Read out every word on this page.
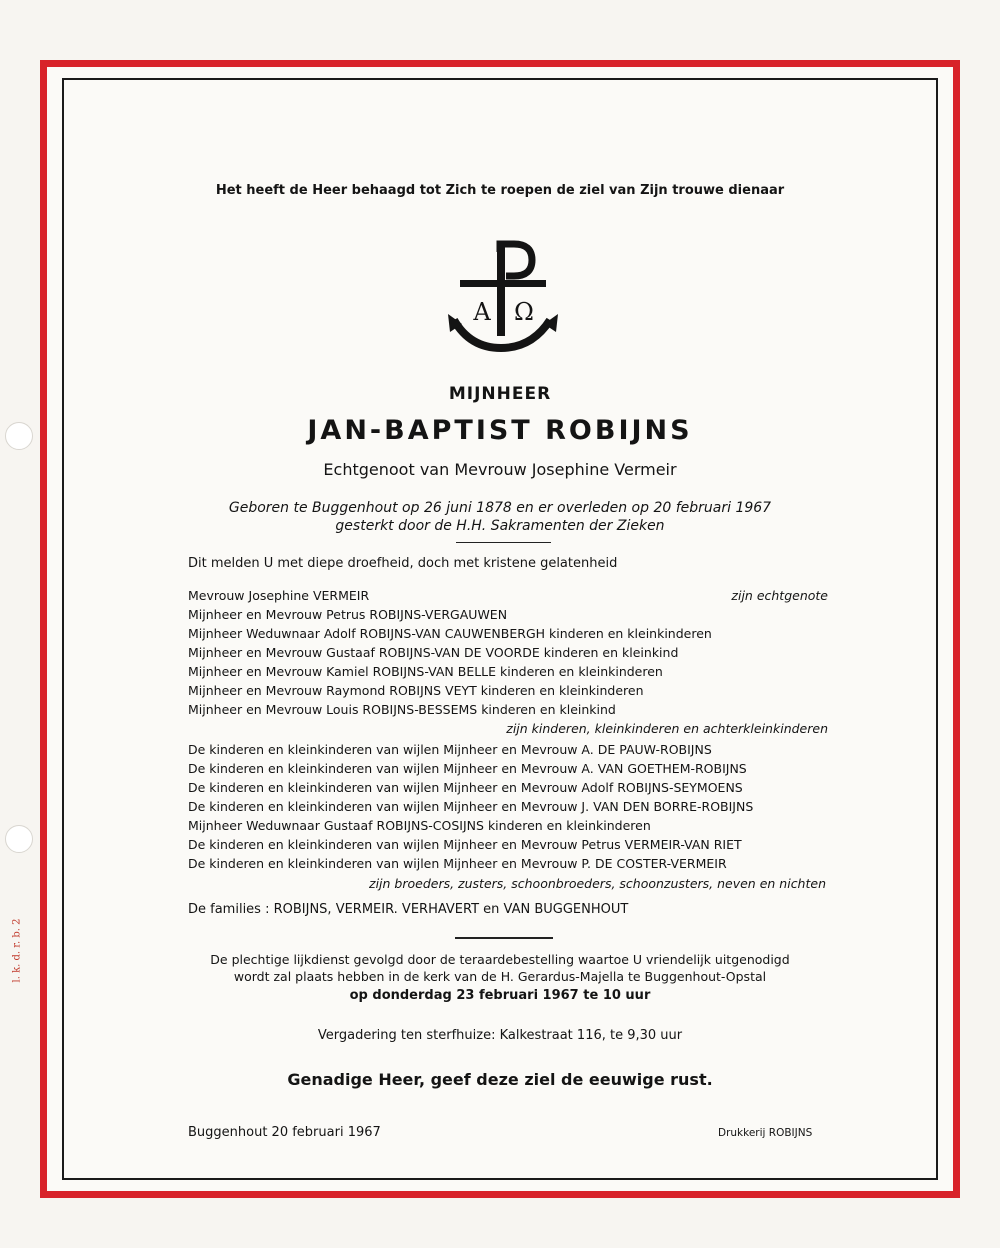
l. k. d. r. b. 2
Het heeft de Heer behaagd tot Zich te roepen de ziel van Zijn trouwe dienaar
A Ω
MIJNHEER
JAN-BAPTIST ROBIJNS
Echtgenoot van Mevrouw Josephine Vermeir
Geboren te Buggenhout op 26 juni 1878 en er overleden op 20 februari 1967
gesterkt door de H.H. Sakramenten der Zieken
Dit melden U met diepe droefheid, doch met kristene gelatenheid
Mevrouw Josephine VERMEIR	zijn echtgenote
Mijnheer en Mevrouw Petrus ROBIJNS-VERGAUWEN
Mijnheer Weduwnaar Adolf ROBIJNS-VAN CAUWENBERGH kinderen en kleinkinderen
Mijnheer en Mevrouw Gustaaf ROBIJNS-VAN DE VOORDE kinderen en kleinkind
Mijnheer en Mevrouw Kamiel ROBIJNS-VAN BELLE kinderen en kleinkinderen
Mijnheer en Mevrouw Raymond ROBIJNS VEYT kinderen en kleinkinderen
Mijnheer en Mevrouw Louis ROBIJNS-BESSEMS kinderen en kleinkind
zijn kinderen, kleinkinderen en achterkleinkinderen
De kinderen en kleinkinderen van wijlen Mijnheer en Mevrouw A. DE PAUW-ROBIJNS
De kinderen en kleinkinderen van wijlen Mijnheer en Mevrouw A. VAN GOETHEM-ROBIJNS
De kinderen en kleinkinderen van wijlen Mijnheer en Mevrouw Adolf ROBIJNS-SEYMOENS
De kinderen en kleinkinderen van wijlen Mijnheer en Mevrouw J. VAN DEN BORRE-ROBIJNS
Mijnheer Weduwnaar Gustaaf ROBIJNS-COSIJNS kinderen en kleinkinderen
De kinderen en kleinkinderen van wijlen Mijnheer en Mevrouw Petrus VERMEIR-VAN RIET
De kinderen en kleinkinderen van wijlen Mijnheer en Mevrouw P. DE COSTER-VERMEIR
zijn broeders, zusters, schoonbroeders, schoonzusters, neven en nichten
De families : ROBIJNS, VERMEIR. VERHAVERT en VAN BUGGENHOUT
De plechtige lijkdienst gevolgd door de teraardebestelling waartoe U vriendelijk uitgenodigd
wordt zal plaats hebben in de kerk van de H. Gerardus-Majella te Buggenhout-Opstal
op donderdag 23 februari 1967 te 10 uur
Vergadering ten sterfhuize: Kalkestraat 116, te 9,30 uur
Genadige Heer, geef deze ziel de eeuwige rust.
Buggenhout 20 februari 1967	Drukkerij ROBIJNS
